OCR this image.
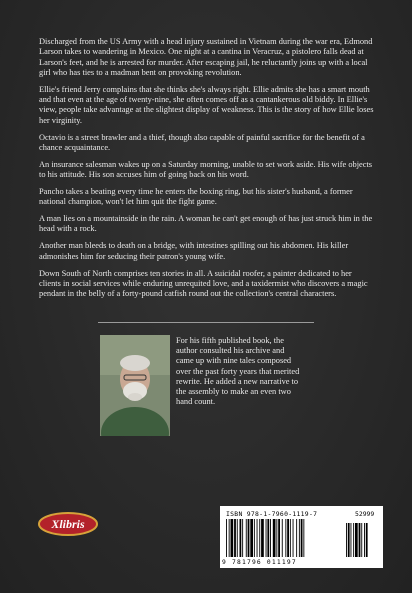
Discharged from the US Army with a head injury sustained in Vietnam during the war era, Edmond Larson takes to wandering in Mexico. One night at a cantina in Veracruz, a pistolero falls dead at Larson's feet, and he is arrested for murder. After escaping jail, he reluctantly joins up with a local girl who has ties to a madman bent on provoking revolution.

Ellie's friend Jerry complains that she thinks she's always right. Ellie admits she has a smart mouth and that even at the age of twenty-nine, she often comes off as a cantankerous old biddy. In Ellie's view, people take advantage at the slightest display of weakness. This is the story of how Ellie loses her virginity.

Octavio is a street brawler and a thief, though also capable of painful sacrifice for the benefit of a chance acquaintance.

An insurance salesman wakes up on a Saturday morning, unable to set work aside. His wife objects to his attitude. His son accuses him of going back on his word.

Pancho takes a beating every time he enters the boxing ring, but his sister's husband, a former national champion, won't let him quit the fight game.

A man lies on a mountainside in the rain. A woman he can't get enough of has just struck him in the head with a rock.

Another man bleeds to death on a bridge, with intestines spilling out his abdomen. His killer admonishes him for seducing their patron's young wife.

Down South of North comprises ten stories in all. A suicidal roofer, a painter dedicated to her clients in social services while enduring unrequited love, and a taxidermist who discovers a magic pendant in the belly of a forty-pound catfish round out the collection's central characters.

For his fifth published book, the
author consulted his archive and
came up with nine tales composed
over the past forty years that merited
rewrite. He added a new narrative to
the assembly to make an even two
hand count.
Xlibris
ISBN 978-1-7960-1119-7	52999
9 781796 011197
